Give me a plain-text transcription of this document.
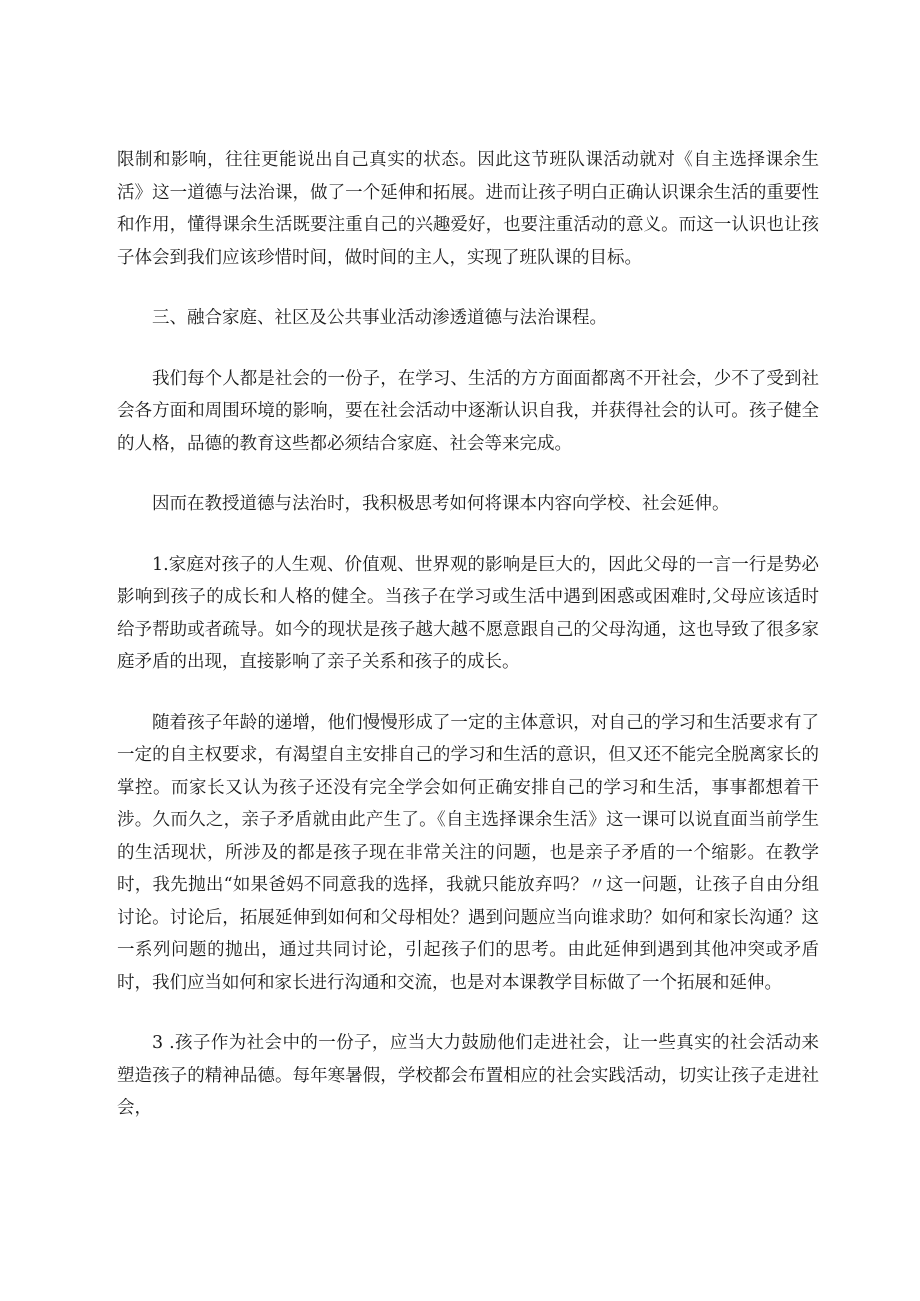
限制和影响，往往更能说出自己真实的状态。因此这节班队课活动就对《自主选择课余生活》这一道德与法治课，做了一个延伸和拓展。进而让孩子明白正确认识课余生活的重要性和作用，懂得课余生活既要注重自己的兴趣爱好，也要注重活动的意义。而这一认识也让孩子体会到我们应该珍惜时间，做时间的主人，实现了班队课的目标。

三、融合家庭、社区及公共事业活动渗透道德与法治课程。

我们每个人都是社会的一份子，在学习、生活的方方面面都离不开社会，少不了受到社会各方面和周围环境的影响，要在社会活动中逐渐认识自我，并获得社会的认可。孩子健全的人格，品德的教育这些都必须结合家庭、社会等来完成。

因而在教授道德与法治时，我积极思考如何将课本内容向学校、社会延伸。

1.家庭对孩子的人生观、价值观、世界观的影响是巨大的，因此父母的一言一行是势必影响到孩子的成长和人格的健全。当孩子在学习或生活中遇到困惑或困难时,父母应该适时给予帮助或者疏导。如今的现状是孩子越大越不愿意跟自己的父母沟通，这也导致了很多家庭矛盾的出现，直接影响了亲子关系和孩子的成长。

随着孩子年龄的递增，他们慢慢形成了一定的主体意识，对自己的学习和生活要求有了一定的自主权要求，有渴望自主安排自己的学习和生活的意识，但又还不能完全脱离家长的掌控。而家长又认为孩子还没有完全学会如何正确安排自己的学习和生活，事事都想着干涉。久而久之，亲子矛盾就由此产生了。《自主选择课余生活》这一课可以说直面当前学生的生活现状，所涉及的都是孩子现在非常关注的问题，也是亲子矛盾的一个缩影。在教学时，我先抛出“如果爸妈不同意我的选择，我就只能放弃吗？〃这一问题，让孩子自由分组讨论。讨论后，拓展延伸到如何和父母相处？遇到问题应当向谁求助？如何和家长沟通？这一系列问题的抛出，通过共同讨论，引起孩子们的思考。由此延伸到遇到其他冲突或矛盾时，我们应当如何和家长进行沟通和交流，也是对本课教学目标做了一个拓展和延伸。

3 .孩子作为社会中的一份子，应当大力鼓励他们走进社会，让一些真实的社会活动来塑造孩子的精神品德。每年寒暑假，学校都会布置相应的社会实践活动，切实让孩子走进社会，
